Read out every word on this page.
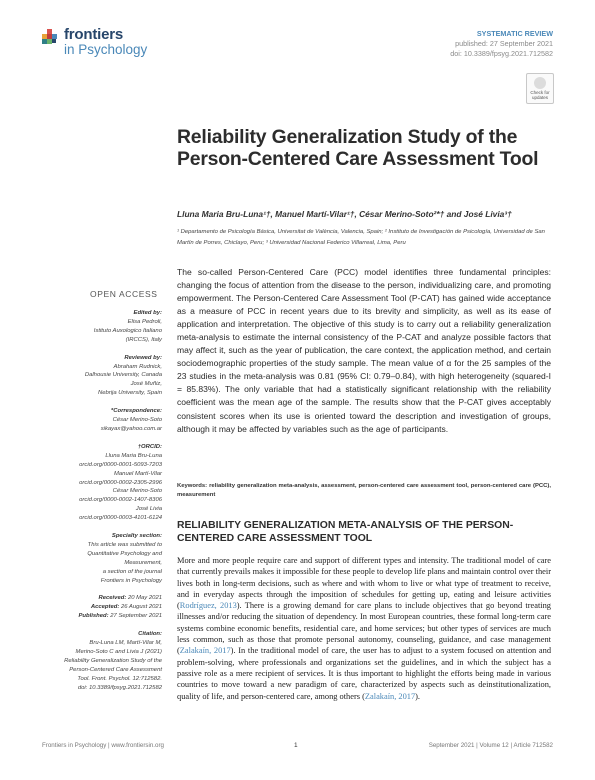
frontiers
in Psychology
SYSTEMATIC REVIEW
published: 27 September 2021
doi: 10.3389/fpsyg.2021.712582
Check for
updates
Reliability Generalization Study of the Person-Centered Care Assessment Tool
Lluna Maria Bru-Luna¹†, Manuel Martí-Vilar¹†, César Merino-Soto²*† and José Livia³†
¹ Departamento de Psicología Básica, Universitat de València, Valencia, Spain; ² Instituto de Investigación de Psicología, Universidad de San Martín de Porres, Chiclayo, Peru; ³ Universidad Nacional Federico Villarreal, Lima, Peru
OPEN ACCESS
Edited by:
Elisa Pedroli,
Istituto Auxologico Italiano
(IRCCS), Italy
Reviewed by:
Abraham Rudnick,
Dalhousie University, Canada
José Muñiz,
Nebrija University, Spain
*Correspondence:
César Merino-Soto
sikayax@yahoo.com.ar
†ORCID:
Lluna Maria Bru-Luna
orcid.org/0000-0001-5093-7203
Manuel Martí-Vilar
orcid.org/0000-0002-2305-2996
César Merino-Soto
orcid.org/0000-0002-1407-8306
José Livia
orcid.org/0000-0003-4101-6124
Specialty section:
This article was submitted to
Quantitative Psychology and
Measurement,
a section of the journal
Frontiers in Psychology
Received: 20 May 2021
Accepted: 26 August 2021
Published: 27 September 2021
Citation:
Bru-Luna LM, Martí-Vilar M,
Merino-Soto C and Livia J (2021)
Reliability Generalization Study of the
Person-Centered Care Assessment
Tool. Front. Psychol. 12:712582.
doi: 10.3389/fpsyg.2021.712582
The so-called Person-Centered Care (PCC) model identifies three fundamental principles: changing the focus of attention from the disease to the person, individualizing care, and promoting empowerment. The Person-Centered Care Assessment Tool (P-CAT) has gained wide acceptance as a measure of PCC in recent years due to its brevity and simplicity, as well as its ease of application and interpretation. The objective of this study is to carry out a reliability generalization meta-analysis to estimate the internal consistency of the P-CAT and analyze possible factors that may affect it, such as the year of publication, the care context, the application method, and certain sociodemographic properties of the study sample. The mean value of α for the 25 samples of the 23 studies in the meta-analysis was 0.81 (95% CI: 0.79–0.84), with high heterogeneity (squared-I = 85.83%). The only variable that had a statistically significant relationship with the reliability coefficient was the mean age of the sample. The results show that the P-CAT gives acceptably consistent scores when its use is oriented toward the description and investigation of groups, although it may be affected by variables such as the age of participants.
Keywords: reliability generalization meta-analysis, assessment, person-centered care assessment tool, person-centered care (PCC), measurement
RELIABILITY GENERALIZATION META-ANALYSIS OF THE PERSON-CENTERED CARE ASSESSMENT TOOL
More and more people require care and support of different types and intensity. The traditional model of care that currently prevails makes it impossible for these people to develop life plans and maintain control over their lives both in long-term decisions, such as where and with whom to live or what type of treatment to receive, and in everyday aspects through the imposition of schedules for getting up, eating and leisure activities (Rodríguez, 2013). There is a growing demand for care plans to include objectives that go beyond treating illnesses and/or reducing the situation of dependency. In most European countries, these formal long-term care systems combine economic benefits, residential care, and home services; but other types of services are much less common, such as those that promote personal autonomy, counseling, guidance, and case management (Zalakaín, 2017). In the traditional model of care, the user has to adjust to a system focused on attention and problem-solving, where professionals and organizations set the guidelines, and in which the subject has a passive role as a mere recipient of services. It is thus important to highlight the efforts being made in various countries to move toward a new paradigm of care, characterized by aspects such as deinstitutionalization, quality of life, and person-centered care, among others (Zalakaín, 2017).
Frontiers in Psychology | www.frontiersin.org	1	September 2021 | Volume 12 | Article 712582
